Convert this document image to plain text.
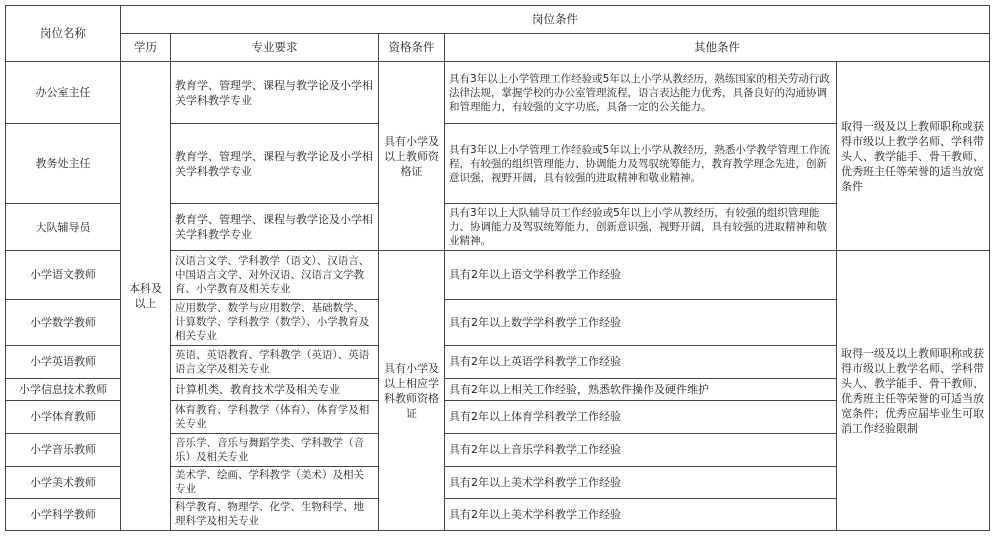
岗位名称	岗位条件				
	学历	专业要求	资格条件	其他条件	
办公室主任	本科及以上	教育学、管理学、课程与教学论及小学相关学科教学专业	具有小学及以上教师资格证	具有3年以上小学管理工作经验或5年以上小学从教经历，熟练国家的相关劳动行政法律法规，掌握学校的办公室管理流程，语言表达能力优秀，具备良好的沟通协调和管理能力，有较强的文字功底，具备一定的公关能力。	取得一级及以上教师职称或获得市级以上教学名师、学科带头人、教学能手、骨干教师、优秀班主任等荣誉的适当放宽条件
教务处主任		教育学、管理学、课程与教学论及小学相关学科教学专业		具有3年以上小学管理工作经验或5年以上小学从教经历，熟悉小学教学管理工作流程，有较强的组织管理能力、协调能力及驾驭统筹能力，教育教学理念先进，创新意识强，视野开阔，具有较强的进取精神和敬业精神。	
大队辅导员		教育学、管理学、课程与教学论及小学相关学科教学专业		具有3年以上大队辅导员工作经验或5年以上小学从教经历，有较强的组织管理能力、协调能力及驾驭统筹能力，创新意识强，视野开阔，具有较强的进取精神和敬业精神。	
小学语文教师		汉语言文学、学科教学（语文）、汉语言、中国语言文学、对外汉语、汉语言文学教育、小学教育及相关专业	具有小学及以上相应学科教师资格证	具有2年以上语文学科教学工作经验	取得一级及以上教师职称或获得市级以上教学名师、学科带头人、教学能手、骨干教师、优秀班主任等荣誉的可适当放宽条件；优秀应届毕业生可取消工作经验限制
小学数学教师		应用数学、数学与应用数学、基础数学、计算数学、学科教学（数学）、小学教育及相关专业		具有2年以上数学学科教学工作经验	
小学英语教师		英语、英语教育、学科教学（英语）、英语语言文学及相关专业		具有2年以上英语学科教学工作经验	
小学信息技术教师		计算机类、教育技术学及相关专业		具有2年以上相关工作经验，熟悉软件操作及硬件维护	
小学体育教师		体育教育、学科教学（体育）、体育学及相关专业		具有2年以上体育学科教学工作经验	
小学音乐教师		音乐学、音乐与舞蹈学类、学科教学（音乐）及相关专业		具有2年以上音乐学科教学工作经验	
小学美术教师		美术学、绘画、学科教学（美术）及相关专业		具有2年以上美术学科教学工作经验	
小学科学教师		科学教育、物理学、化学、生物科学、地理科学及相关专业		具有2年以上美术学科教学工作经验	
